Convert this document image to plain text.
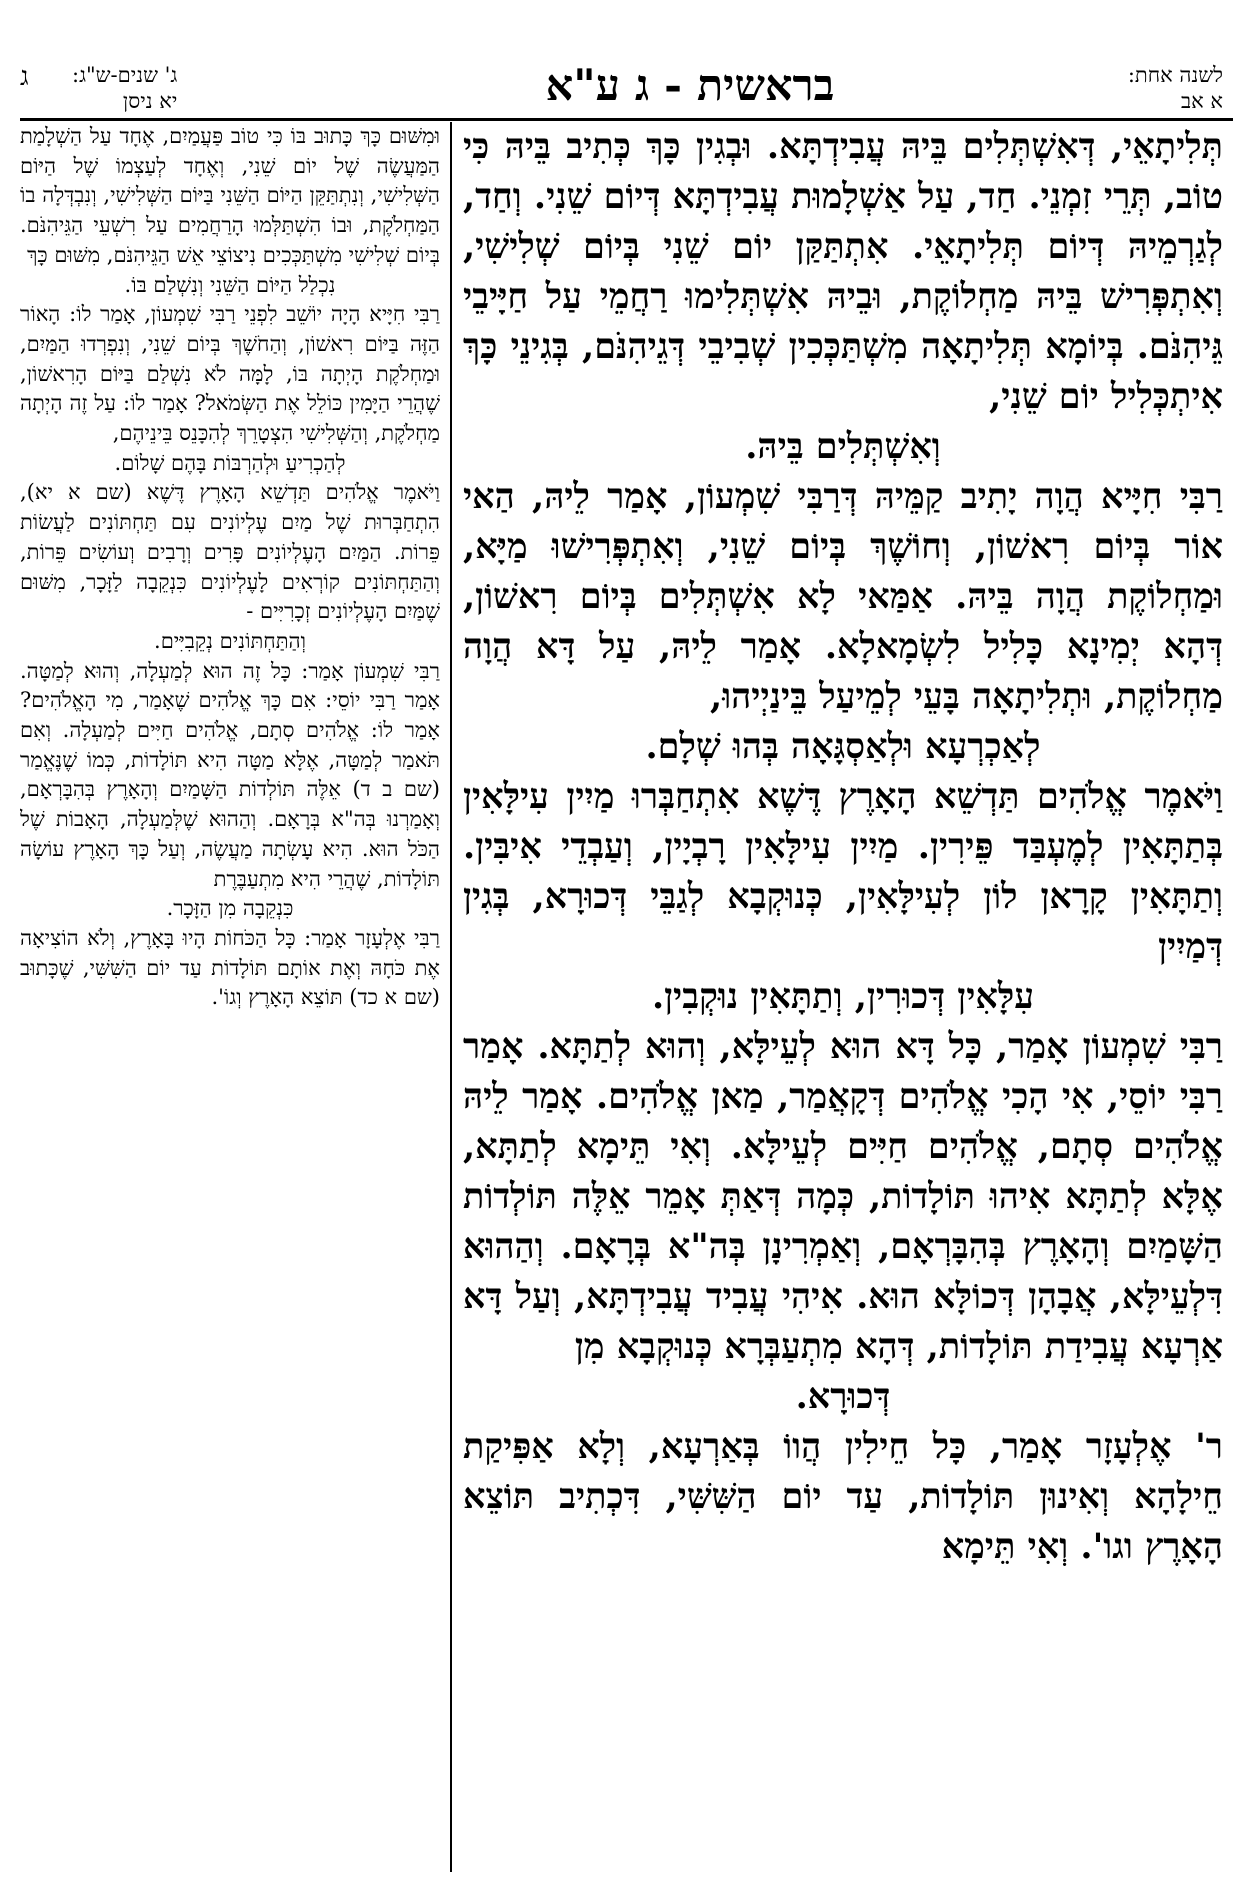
לשנה אחת:
א אב
בראשית - ג ע"א
ג' שנים-ש"ג:
יא ניסן
ג

תְּלִיתָאֵי, דְּאִשְׁתְּלִים בֵּיהּ עֲבִידְתָּא. וּבְגִין כָּךְ כְּתִיב בֵּיהּ כִּי טוֹב, תְּרֵי זִמְנֵי. חַד, עַל אַשְׁלָמוּת עֲבִידְתָּא דְּיוֹם שֵׁנִי. וְחַד, לְגַרְמֵיהּ דְּיוֹם תְּלִיתָאֵי. אִתְתַּקַּן יוֹם שֵׁנִי בְּיוֹם שְׁלִישִׁי, וְאִתְפְּרִישׁ בֵּיהּ מַחְלוֹקֶת, וּבֵיהּ אִשְׁתְּלִימוּ רַחֲמֵי עַל חַיָּיבֵי גֵּיהִנֹּם. בְּיוֹמָא תְּלִיתָאָה מִשְׁתַּכְּכִין שְׁבִיבֵי דְּגֵיהִנֹּם, בְּגִינֵי כָּךְ אִיתְכְּלִיל יוֹם שֵׁנִי,

וְאִשְׁתְּלִים בֵּיהּ.

רַבִּי חִיָּיא הֲוָה יָתִיב קַמֵּיהּ דְּרַבִּי שִׁמְעוֹן, אָמַר לֵיהּ, הַאי אוֹר בְּיוֹם רִאשׁוֹן, וְחוֹשֶׁךְ בְּיוֹם שֵׁנִי, וְאִתְפְּרִישׁוּ מַיָּא, וּמַחְלוֹקֶת הֲוָה בֵּיהּ. אַמַּאי לָא אִשְׁתְּלִים בְּיוֹם רִאשׁוֹן, דְּהָא יְמִינָא כָּלִיל לִשְׂמָאלָא. אָמַר לֵיהּ, עַל דָּא הֲוָה מַחְלוֹקֶת, וּתְלִיתָאָה בָּעֵי לְמֵיעַל בֵּינַיְיהוּ,

לְאַכְרְעָא וּלְאַסְגָּאָה בְּהוּ שְׁלָם.

וַיֹּאמֶר אֱלֹהִים תַּדְשֵׁא הָאָרֶץ דֶּשֶׁא אִתְחַבְּרוּ מַיִין עִילָּאִין בְּתַתָּאִין לְמֶעְבַּד פֵּירִין. מַיִין עִילָּאִין רָבְיָין, וְעַבְדֵי אִיבִּין. וְתַתָּאִין קָרָאן לוֹן לְעִילָּאִין, כְּנוּקְבָא לְגַבֵּי דְּכוּרָא, בְּגִין דְּמַיִין

עִלָּאִין דְּכוּרִין, וְתַתָּאִין נוּקְבִין.

רַבִּי שִׁמְעוֹן אָמַר, כָּל דָּא הוּא לְעֵילָּא, וְהוּא לְתַתָּא. אָמַר רַבִּי יוֹסֵי, אִי הָכִי אֱלֹהִים דְּקָאֲמַר, מַאן אֱלֹהִים. אָמַר לֵיהּ אֱלֹהִים סְתָם, אֱלֹהִים חַיִּים לְעֵילָּא. וְאִי תֵּימָא לְתַתָּא, אֶלָּא לְתַתָּא אִיהוּ תּוֹלָדוֹת, כְּמָה דְּאַתְּ אָמֵר אֵלֶּה תּוֹלְדוֹת הַשָּׁמַיִם וְהָאָרֶץ בְּהִבָּרְאָם, וְאַמְרִינָן בְּה"א בְּרָאָם. וְהַהוּא דִּלְעֵילָּא, אֲבָהָן דְּכוֹלָּא הוּא. אִיהִי עֲבִיד עֲבִידְתָּא, וְעַל דָּא אַרְעָא עֲבִידַת תּוֹלָדוֹת, דְּהָא מִתְעַבְּרָא כְּנוּקְבָא מִן

דְּכוּרָא.

ר' אֶלְעָזָר אָמַר, כָּל חֵילִין הֲווֹ בְּאַרְעָא, וְלָא אַפִּיקַת חֵילָהָא וְאִינוּן תּוֹלָדוֹת, עַד יוֹם הַשִּׁשִּׁי, דִּכְתִיב תּוֹצֵא הָאָרֶץ וגו'. וְאִי תֵּימָא

וּמִשּׁוּם כָּךְ כָּתוּב בּוֹ כִּי טוֹב פַּעֲמַיִם, אֶחָד עַל הַשְׁלָמַת הַמַּעֲשֶׂה שֶׁל יוֹם שֵׁנִי, וְאֶחָד לְעַצְמוֹ שֶׁל הַיּוֹם הַשְּׁלִישִׁי, וְנִתְתַּקֵּן הַיּוֹם הַשֵּׁנִי בַּיּוֹם הַשְּׁלִישִׁי, וְנִבְדְּלָה בוֹ הַמַּחְלֹקֶת, וּבוֹ הִשְׁתַּלְּמוּ הָרַחֲמִים עַל רִשְׁעֵי הַגֵּיהִנֹּם. בְּיוֹם שְׁלִישִׁי מִשְׁתַּכְּכִים נִיצוֹצֵי אֵשׁ הַגֵּיהִנֹּם, מִשּׁוּם כָּךְ

נִכְלַל הַיּוֹם הַשֵּׁנִי וְנִשְׁלַם בּוֹ.

רַבִּי חִיָּיא הָיָה יוֹשֵׁב לִפְנֵי רַבִּי שִׁמְעוֹן, אָמַר לוֹ: הָאוֹר הַזֶּה בַּיּוֹם רִאשׁוֹן, וְהַחֹשֶׁךְ בְּיוֹם שֵׁנִי, וְנִפְרְדוּ הַמַּיִם, וּמַחְלֹקֶת הָיְתָה בּוֹ, לָמָּה לֹא נִשְׁלַם בַּיּוֹם הָרִאשׁוֹן, שֶׁהֲרֵי הַיָּמִין כּוֹלֵל אֶת הַשְּׂמֹאל? אָמַר לוֹ: עַל זֶה הָיְתָה מַחְלֹקֶת, וְהַשְּׁלִישִׁי הִצְטָרֵךְ לְהִכָּנֵס בֵּינֵיהֶם,

לְהַכְרִיעַ וּלְהַרְבּוֹת בָּהֶם שָׁלוֹם.

וַיֹּאמֶר אֱלֹהִים תַּדְשֵׁא הָאָרֶץ דֶּשֶׁא (שם א יא), הִתְחַבְּרוּת שֶׁל מַיִם עֶלְיוֹנִים עִם תַּחְתּוֹנִים לַעֲשׂוֹת פֵּרוֹת. הַמַּיִם הָעֶלְיוֹנִים פָּרִים וְרָבִים וְעוֹשִׂים פֵּרוֹת, וְהַתַּחְתּוֹנִים קוֹרְאִים לָעֶלְיוֹנִים כִּנְקֵבָה לַזָּכָר, מִשּׁוּם שֶׁמַּיִם הָעֶלְיוֹנִים זְכָרִיִּים -

וְהַתַּחְתּוֹנִים נְקֵבִיִּים.

רַבִּי שִׁמְעוֹן אָמַר: כָּל זֶה הוּא לְמַעְלָה, וְהוּא לְמַטָּה. אָמַר רַבִּי יוֹסֵי: אִם כָּךְ אֱלֹהִים שֶׁאָמַר, מִי הָאֱלֹהִים? אָמַר לוֹ: אֱלֹהִים סְתָם, אֱלֹהִים חַיִּים לְמַעְלָה. וְאִם תֹּאמַר לְמַטָּה, אֶלָּא מַטָּה הִיא תּוֹלָדוֹת, כְּמוֹ שֶׁנֶּאֱמַר (שם ב ד) אֵלֶּה תּוֹלְדוֹת הַשָּׁמַיִם וְהָאָרֶץ בְּהִבָּרְאָם, וְאָמַרְנוּ בְּה"א בְּרָאָם. וְהַהוּא שֶׁלְּמַעְלָה, הָאָבוֹת שֶׁל הַכֹּל הוּא. הִיא עָשְׂתָה מַעֲשֶׂה, וְעַל כָּךְ הָאָרֶץ עוֹשָׂה תּוֹלָדוֹת, שֶׁהֲרֵי הִיא מִתְעַבֶּרֶת

כִּנְקֵבָה מִן הַזָּכָר.

רַבִּי אֶלְעָזָר אָמַר: כָּל הַכֹּחוֹת הָיוּ בָּאָרֶץ, וְלֹא הוֹצִיאָה אֶת כֹּחָהּ וְאֶת אוֹתָם תּוֹלָדוֹת עַד יוֹם הַשִּׁשִּׁי, שֶׁכָּתוּב (שם א כד) תּוֹצֵא הָאָרֶץ וְגוֹ'.
